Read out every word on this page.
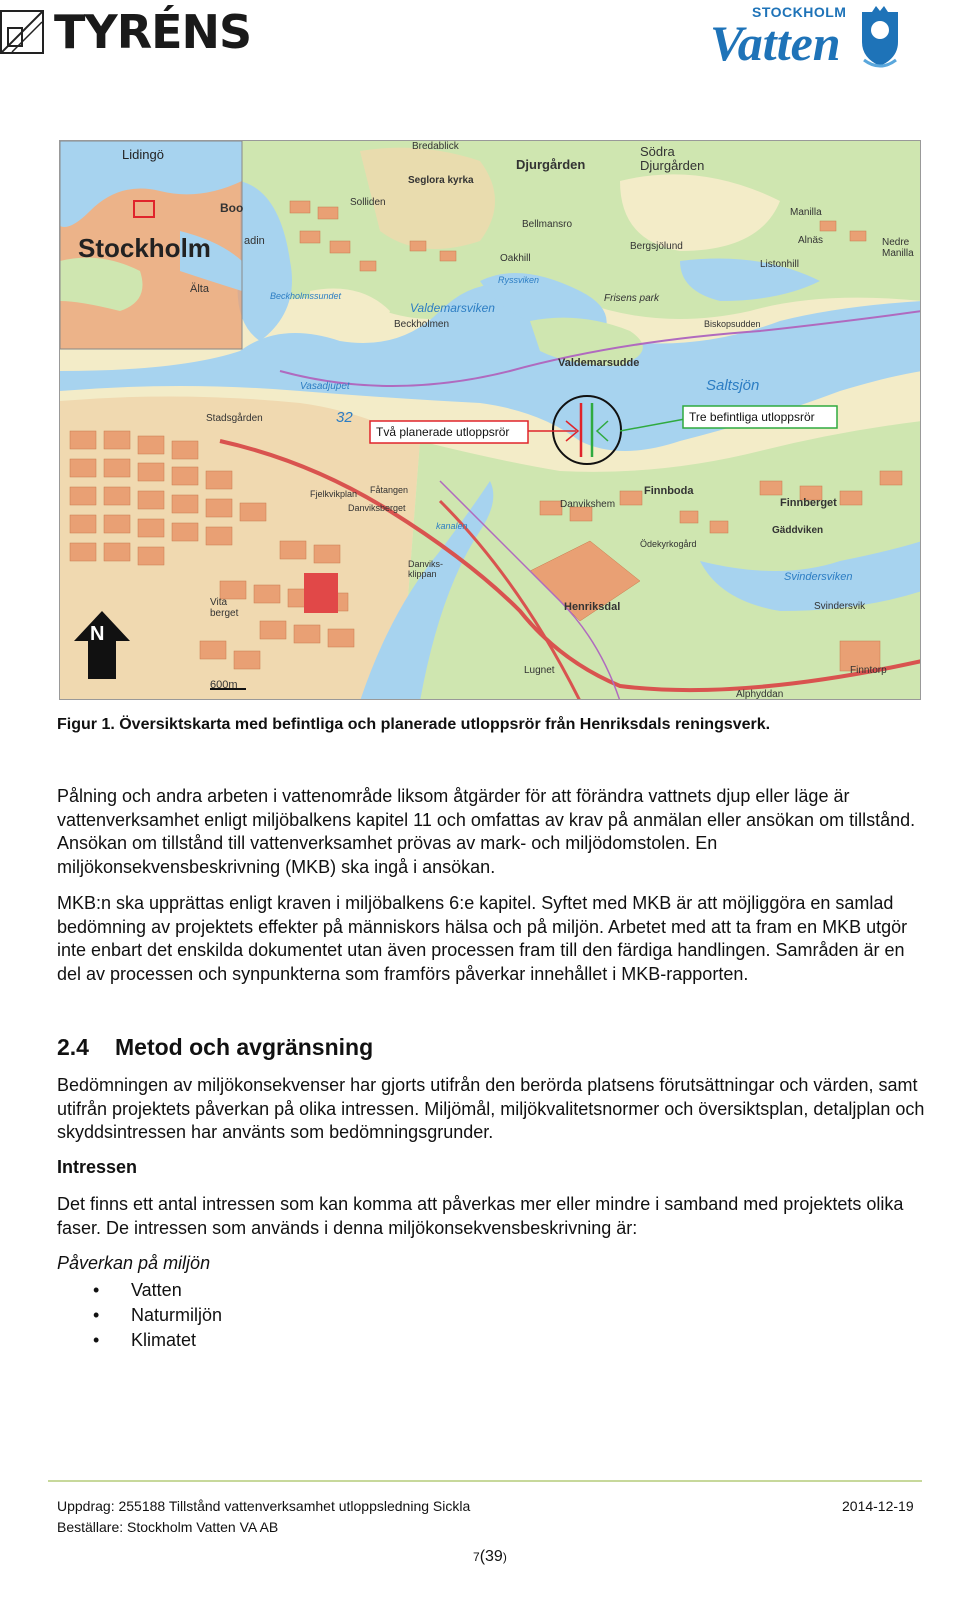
TYRÉNS	STOCKHOLM
Vatten
Lidingö
Boo
Stockholm	adin
Älta
Bredablick
Seglora kyrka
Solliden
Djurgården
Södra
Djurgården
Bellmansro
Oakhill
Bergsjölund
Manilla
Alnäs	Nedre
Manilla
Listonhill
Ryssviken
Frisens park
Biskopsudden
Beckholmssundet
Valdemarsviken
Beckholmen
Valdemarsudde
Saltsjön
Vasadjupet
Stadsgården	32
Danvikshem
Finnboda
Finnberget
Gäddviken
Ödekyrkogård
Svindersviken
Svindersvik
Henriksdal
Lugnet	Finntorp
Alphyddan
Fjelkvikplan
Danviksberget
Fåtangen
Danviks-
klippan
kanalen
Vita
berget
600m
N
Två planerade utloppsrör
Tre befintliga utloppsrör
Figur 1. Översiktskarta med befintliga och planerade utloppsrör från Henriksdals reningsverk.
Pålning och andra arbeten i vattenområde liksom åtgärder för att förändra vattnets djup eller läge är vattenverksamhet enligt miljöbalkens kapitel 11 och omfattas av krav på anmälan eller ansökan om tillstånd. Ansökan om tillstånd till vattenverksamhet prövas av mark- och miljödomstolen. En miljökonsekvensbeskrivning (MKB) ska ingå i ansökan.
MKB:n ska upprättas enligt kraven i miljöbalkens 6:e kapitel. Syftet med MKB är att möjliggöra en samlad bedömning av projektets effekter på människors hälsa och på miljön. Arbetet med att ta fram en MKB utgör inte enbart det enskilda dokumentet utan även processen fram till den färdiga handlingen. Samråden är en del av processen och synpunkterna som framförs påverkar innehållet i MKB-rapporten.
2.4 Metod och avgränsning
Bedömningen av miljökonsekvenser har gjorts utifrån den berörda platsens förutsättningar och värden, samt utifrån projektets påverkan på olika intressen. Miljömål, miljökvalitetsnormer och översiktsplan, detaljplan och skyddsintressen har använts som bedömningsgrunder.
Intressen
Det finns ett antal intressen som kan komma att påverkas mer eller mindre i samband med projektets olika faser. De intressen som används i denna miljökonsekvensbeskrivning är:
Påverkan på miljön
• Vatten
• Naturmiljön
• Klimatet
Uppdrag: 255188 Tillstånd vattenverksamhet utloppsledning Sickla
Beställare: Stockholm Vatten VA AB
2014-12-19
7(39)
